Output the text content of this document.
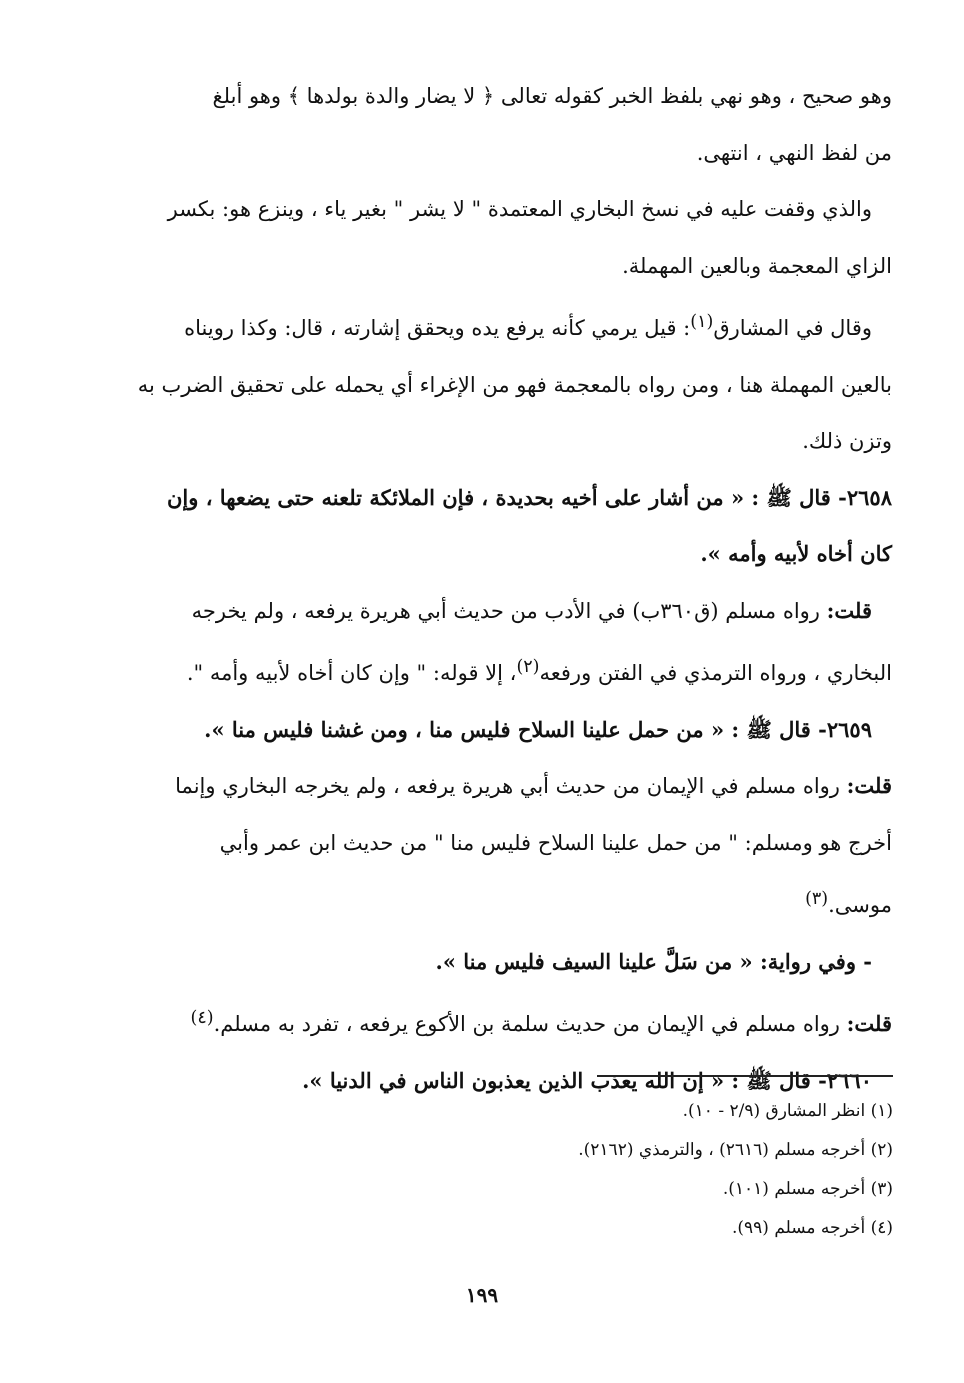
وهو صحيح ، وهو نهي بلفظ الخبر كقوله تعالى ﴿ لا يضار والدة بولدها ﴾ وهو أبلغ
من لفظ النهي ، انتهى.

والذي وقفت عليه في نسخ البخاري المعتمدة " لا يشر " بغير ياء ، وينزع هو: بكسر
الزاي المعجمة وبالعين المهملة.

وقال في المشارق$^{(١)}$: قيل يرمي كأنه يرفع يده ويحقق إشارته ، قال: وكذا رويناه
بالعين المهملة هنا ، ومن رواه بالمعجمة فهو من الإغراء أي يحمله على تحقيق الضرب به
وتزن ذلك.

٢٦٥٨- قال ﷺ : « من أشار على أخيه بحديدة ، فإن الملائكة تلعنه حتى يضعها ، وإن
كان أخاه لأبيه وأمه ».

قلت: رواه مسلم (ق٣٦٠ب) في الأدب من حديث أبي هريرة يرفعه ، ولم يخرجه
البخاري ، ورواه الترمذي في الفتن ورفعه$^{(٢)}$، إلا قوله: " وإن كان أخاه لأبيه وأمه ".

٢٦٥٩- قال ﷺ : « من حمل علينا السلاح فليس منا ، ومن غشنا فليس منا ».

قلت: رواه مسلم في الإيمان من حديث أبي هريرة يرفعه ، ولم يخرجه البخاري وإنما
أخرج هو ومسلم: " من حمل علينا السلاح فليس منا " من حديث ابن عمر وأبي
موسى.$^{(٣)}$

- وفي رواية: « من سَلَّ علينا السيف فليس منا ».

قلت: رواه مسلم في الإيمان من حديث سلمة بن الأكوع يرفعه ، تفرد به مسلم.$^{(٤)}$

٢٦٦٠- قال ﷺ : « إن الله يعذب الذين يعذبون الناس في الدنيا ».

(١) انظر المشارق (٢/٩ - ١٠).

(٢) أخرجه مسلم (٢٦١٦) ، والترمذي (٢١٦٢).

(٣) أخرجه مسلم (١٠١).

(٤) أخرجه مسلم (٩٩).

١٩٩
